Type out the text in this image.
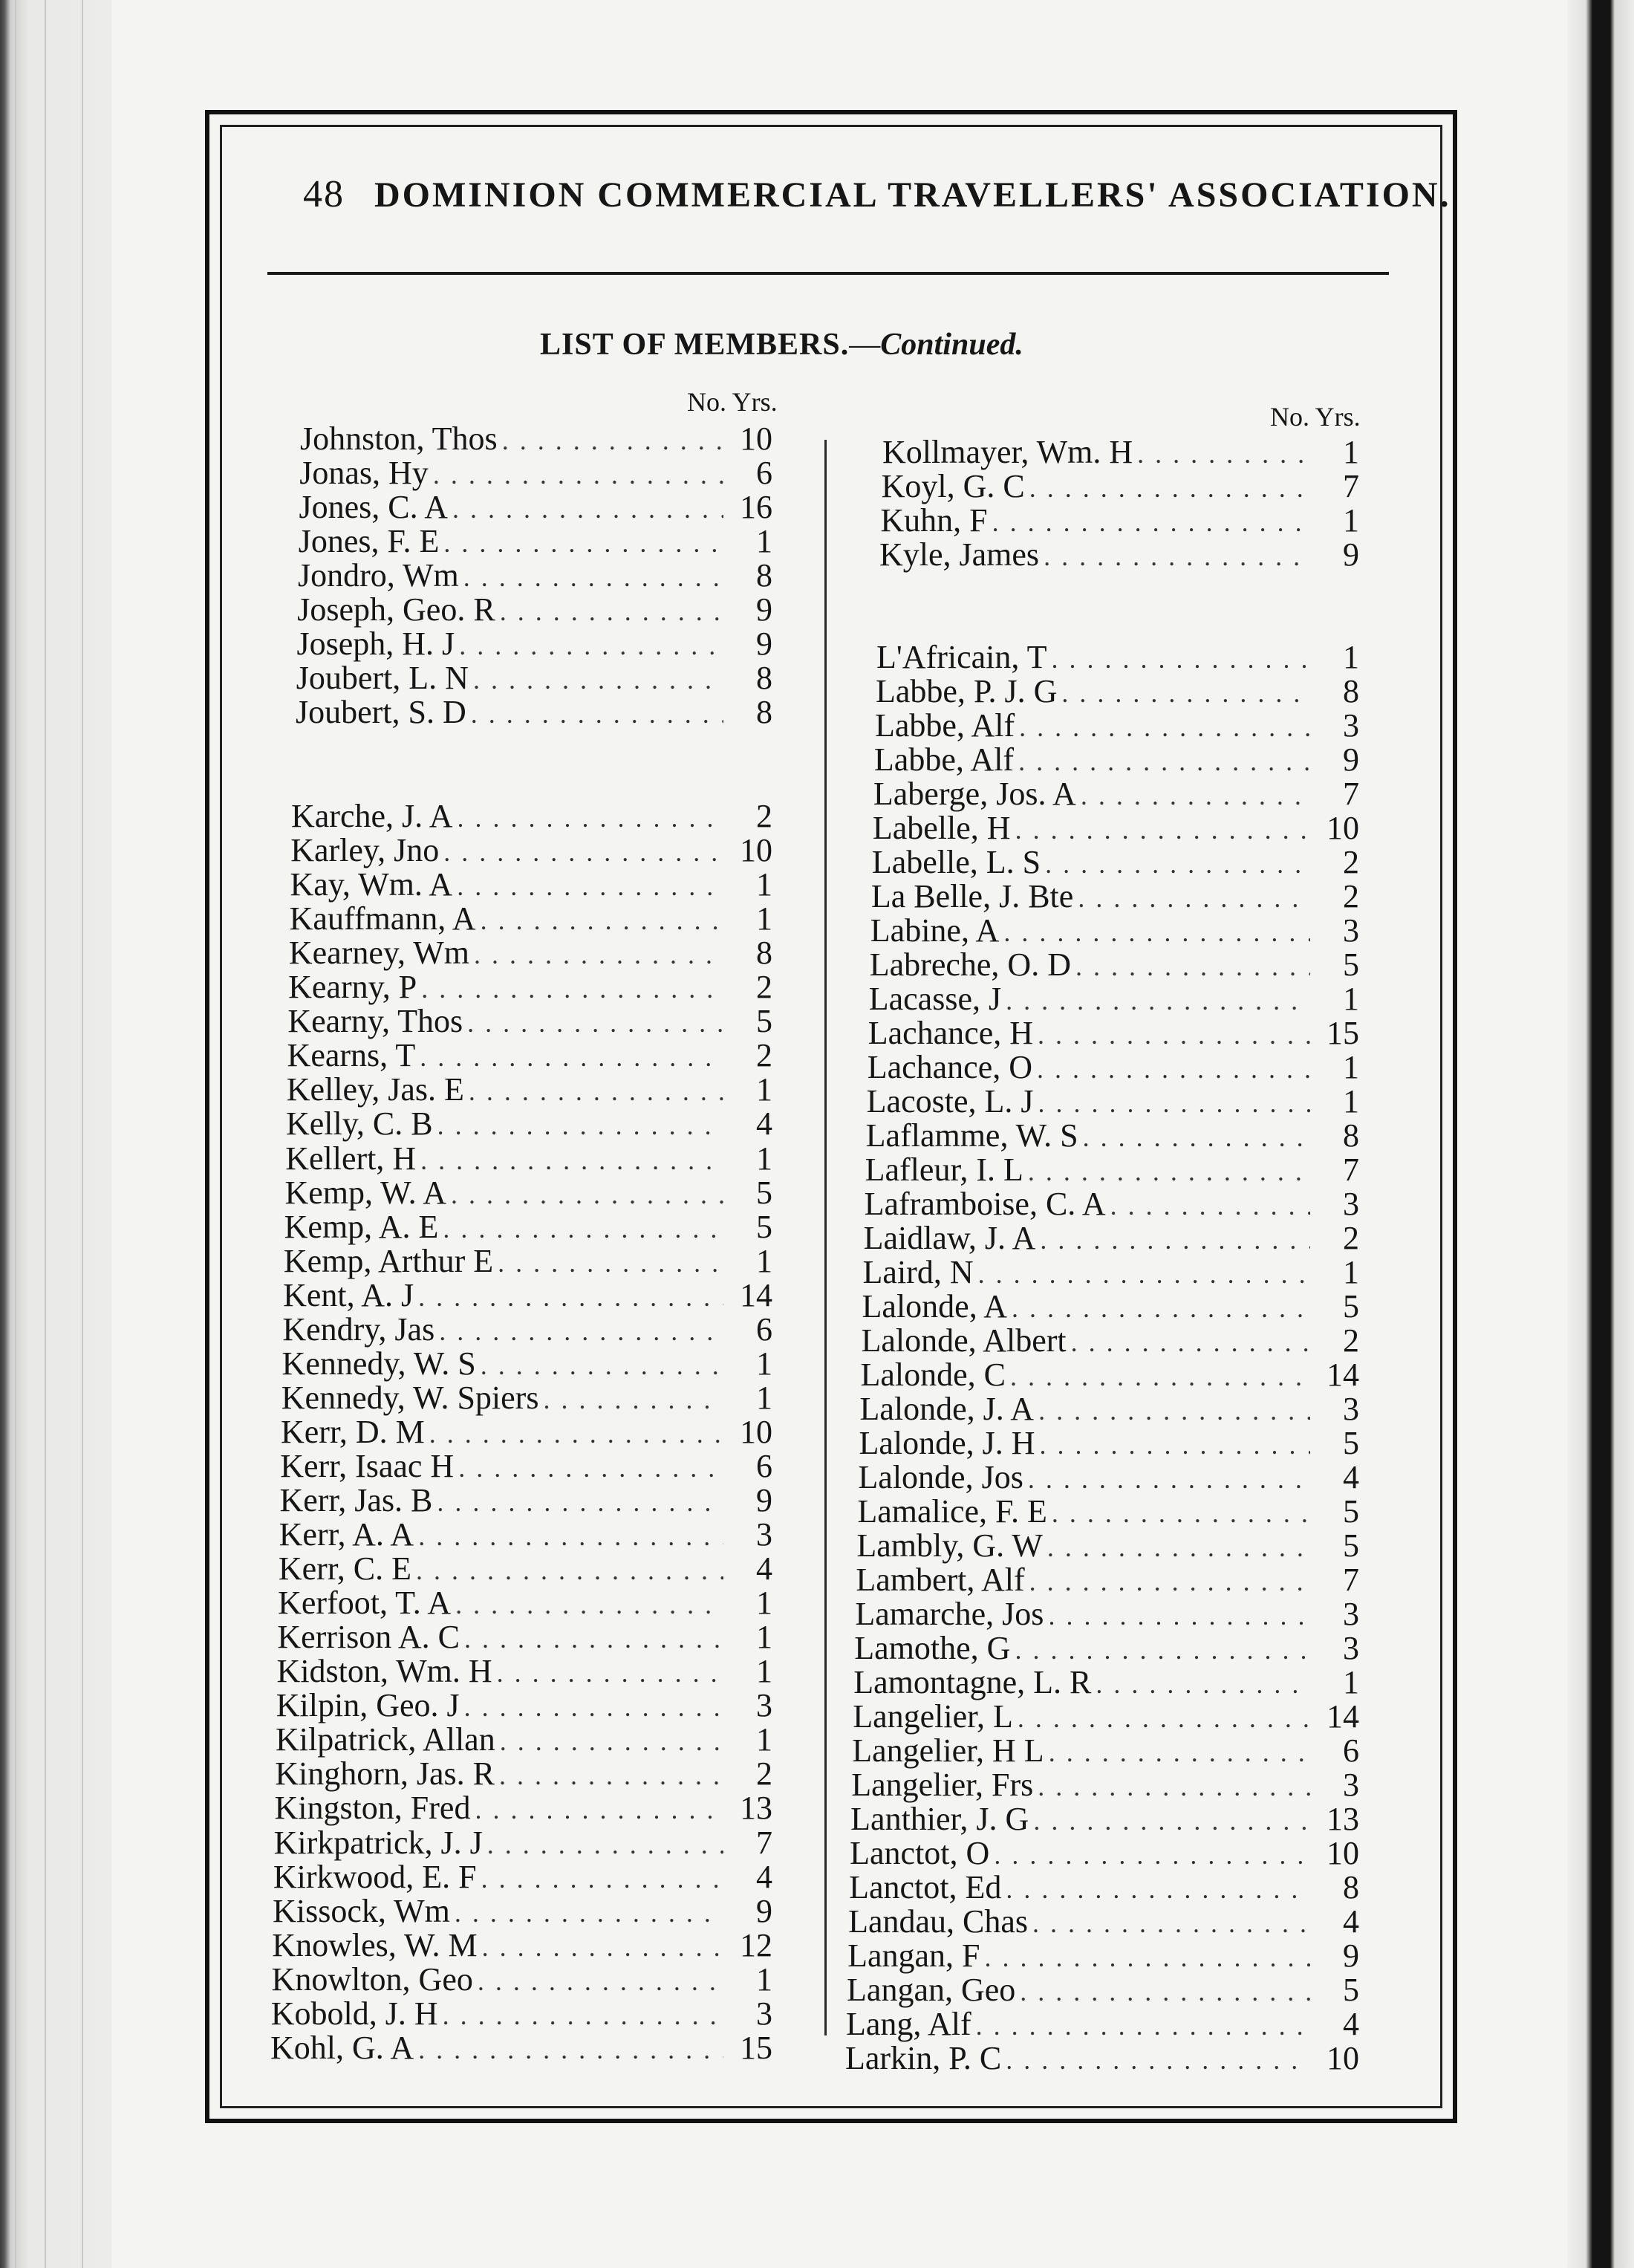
48 DOMINION COMMERCIAL TRAVELLERS' ASSOCIATION.
LIST OF MEMBERS.—Continued.
No. Yrs.	No. Yrs.
Johnston, Thos . . .	10
Jonas, Hy . . .	6
Jones, C. A . . .	16
Jones, F. E . . .	1
Jondro, Wm . . .	8
Joseph, Geo. R . . .	9
Joseph, H. J . . .	9
Joubert, L. N . . .	8
Joubert, S. D . . .	8
Karche, J. A . . .	2
Karley, Jno . . .	10
Kay, Wm. A . . .	1
Kauffmann, A . . .	1
Kearney, Wm . . .	8
Kearny, P . . .	2
Kearny, Thos . . .	5
Kearns, T . . .	2
Kelley, Jas. E . . .	1
Kelly, C. B . . .	4
Kellert, H . . .	1
Kemp, W. A . . .	5
Kemp, A. E . . .	5
Kemp, Arthur E . . .	1
Kent, A. J . . .	14
Kendry, Jas . . .	6
Kennedy, W. S . . .	1
Kennedy, W. Spiers . . .	1
Kerr, D. M . . .	10
Kerr, Isaac H . . .	6
Kerr, Jas. B . . .	9
Kerr, A. A . . .	3
Kerr, C. E . . .	4
Kerfoot, T. A . . .	1
Kerrison A. C . . .	1
Kidston, Wm. H . . .	1
Kilpin, Geo. J . . .	3
Kilpatrick, Allan . . .	1
Kinghorn, Jas. R . . .	2
Kingston, Fred . . .	13
Kirkpatrick, J. J . . .	7
Kirkwood, E. F . . .	4
Kissock, Wm . . .	9
Knowles, W. M . . .	12
Knowlton, Geo . . .	1
Kobold, J. H . . .	3
Kohl, G. A . . .	15
Kollmayer, Wm. H . . .	1
Koyl, G. C . . .	7
Kuhn, F . . .	1
Kyle, James . . .	9
L'Africain, T . . .	1
Labbe, P. J. G . . .	8
Labbe, Alf . . .	3
Labbe, Alf . . .	9
Laberge, Jos. A . . .	7
Labelle, H . . .	10
Labelle, L. S . . .	2
La Belle, J. Bte . . .	2
Labine, A . . .	3
Labreche, O. D . . .	5
Lacasse, J . . .	1
Lachance, H . . .	15
Lachance, O . . .	1
Lacoste, L. J . . .	1
Laflamme, W. S . . .	8
Lafleur, I. L . . .	7
Laframboise, C. A . . .	3
Laidlaw, J. A . . .	2
Laird, N . . .	1
Lalonde, A . . .	5
Lalonde, Albert . . .	2
Lalonde, C . . .	14
Lalonde, J. A . . .	3
Lalonde, J. H . . .	5
Lalonde, Jos . . .	4
Lamalice, F. E . . .	5
Lambly, G. W . . .	5
Lambert, Alf . . .	7
Lamarche, Jos . . .	3
Lamothe, G . . .	3
Lamontagne, L. R . . .	1
Langelier, L . . .	14
Langelier, H L . . .	6
Langelier, Frs . . .	3
Lanthier, J. G . . .	13
Lanctot, O . . .	10
Lanctot, Ed . . .	8
Landau, Chas . . .	4
Langan, F . . .	9
Langan, Geo . . .	5
Lang, Alf . . .	4
Larkin, P. C . . .	10
